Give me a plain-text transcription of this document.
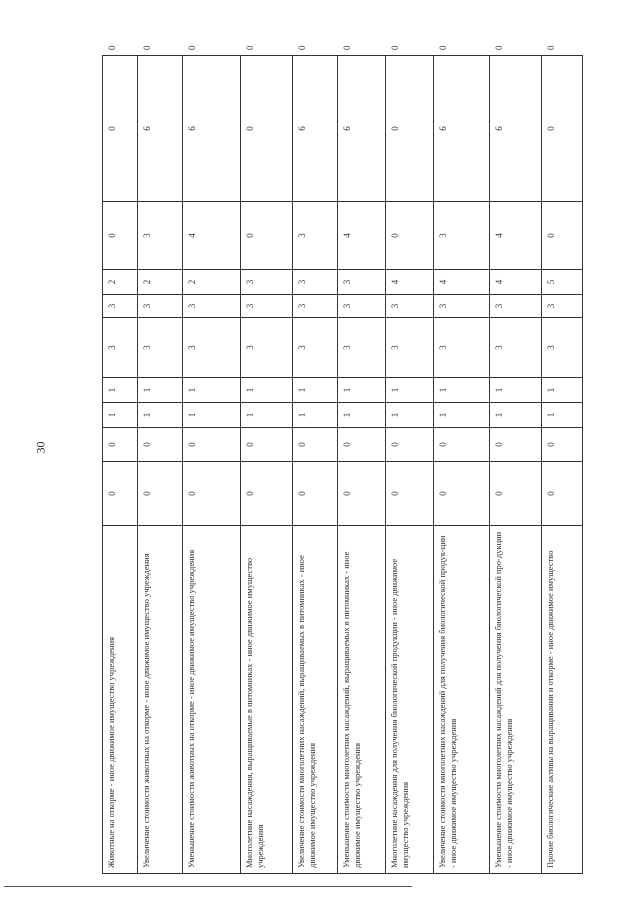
30
Животные на откорме - иное движимое имущество учреждения	0	0	1	1	3	3	2	0	0	0
Увеличение стоимости животных на откорме - иное движимое имущество учреждения	0	0	1	1	3	3	2	3	6	0
Уменьшение стоимости животных на откорме - иное движимое имущество учреждения	0	0	1	1	3	3	2	4	6	0
Многолетние насаждения, выращиваемые в питомниках - иное движимое имущество учреждения	0	0	1	1	3	3	3	0	0	0
Увеличение стоимости многолетних насаждений, выращиваемых в питомниках - иное движимое имущество учреждения	0	0	1	1	3	3	3	3	6	0
Уменьшение стоимости многолетних насаждений, выращиваемых в питомниках - иное движимое имущество учреждения	0	0	1	1	3	3	3	4	6	0
Многолетние насаждения для получения биологической продукции - иное движимое имущество учреждения	0	0	1	1	3	3	4	0	0	0
Увеличение стоимости многолетних насаждений для получения биологической продук-ции - иное движимое имущество учреждения	0	0	1	1	3	3	4	3	6	0
Уменьшение стоимости многолетних насаждений для получения биологической про-дукции - иное движимое имущество учреждения	0	0	1	1	3	3	4	4	6	0
Прочие биологические активы на выращивании и откорме - иное движимое имущество	0	0	1	1	3	3	5	0	0	0
